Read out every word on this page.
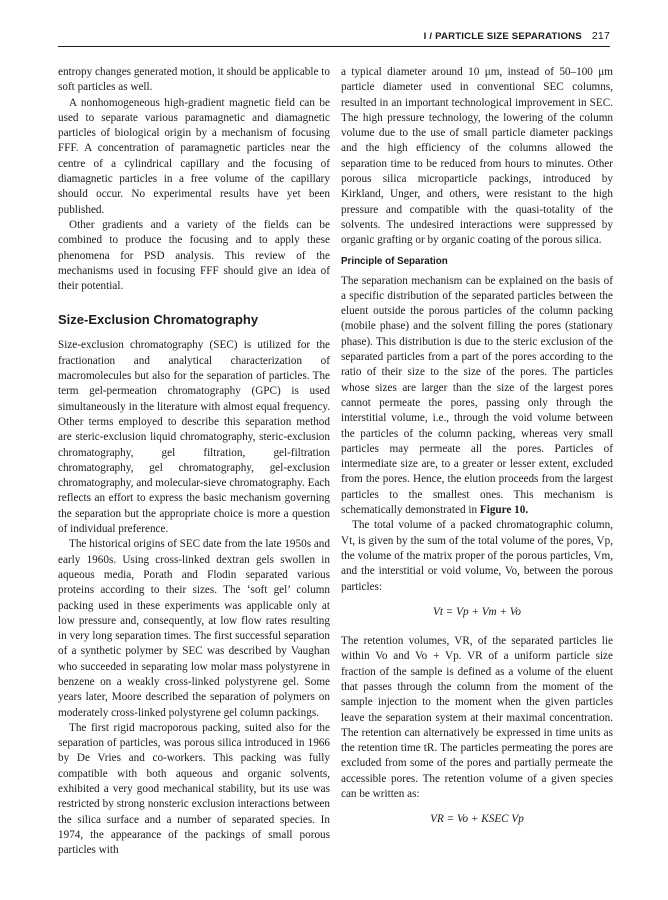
I / PARTICLE SIZE SEPARATIONS 217

entropy changes generated motion, it should be applicable to soft particles as well.

A nonhomogeneous high-gradient magnetic field can be used to separate various paramagnetic and diamagnetic particles of biological origin by a mechanism of focusing FFF. A concentration of paramagnetic particles near the centre of a cylindrical capillary and the focusing of diamagnetic particles in a free volume of the capillary should occur. No experimental results have yet been published.

Other gradients and a variety of the fields can be combined to produce the focusing and to apply these phenomena for PSD analysis. This review of the mechanisms used in focusing FFF should give an idea of their potential.

Size-Exclusion Chromatography

Size-exclusion chromatography (SEC) is utilized for the fractionation and analytical characterization of macromolecules but also for the separation of particles. The term gel-permeation chromatography (GPC) is used simultaneously in the literature with almost equal frequency. Other terms employed to describe this separation method are steric-exclusion liquid chromatography, steric-exclusion chromatography, gel filtration, gel-filtration chromatography, gel chromatography, gel-exclusion chromatography, and molecular-sieve chromatography. Each reflects an effort to express the basic mechanism governing the separation but the appropriate choice is more a question of individual preference.

The historical origins of SEC date from the late 1950s and early 1960s. Using cross-linked dextran gels swollen in aqueous media, Porath and Flodin separated various proteins according to their sizes. The ‘soft gel’ column packing used in these experiments was applicable only at low pressure and, consequently, at low flow rates resulting in very long separation times. The first successful separation of a synthetic polymer by SEC was described by Vaughan who succeeded in separating low molar mass polystyrene in benzene on a weakly cross-linked polystyrene gel. Some years later, Moore described the separation of polymers on moderately cross-linked polystyrene gel column packings.

The first rigid macroporous packing, suited also for the separation of particles, was porous silica introduced in 1966 by De Vries and co-workers. This packing was fully compatible with both aqueous and organic solvents, exhibited a very good mechanical stability, but its use was restricted by strong nonsteric exclusion interactions between the silica surface and a number of separated species. In 1974, the appearance of the packings of small porous particles with

a typical diameter around 10 μm, instead of 50–100 μm particle diameter used in conventional SEC columns, resulted in an important technological improvement in SEC. The high pressure technology, the lowering of the column volume due to the use of small particle diameter packings and the high efficiency of the columns allowed the separation time to be reduced from hours to minutes. Other porous silica microparticle packings, introduced by Kirkland, Unger, and others, were resistant to the high pressure and compatible with the quasi-totality of the solvents. The undesired interactions were suppressed by organic grafting or by organic coating of the porous silica.

Principle of Separation

The separation mechanism can be explained on the basis of a specific distribution of the separated particles between the eluent outside the porous particles of the column packing (mobile phase) and the solvent filling the pores (stationary phase). This distribution is due to the steric exclusion of the separated particles from a part of the pores according to the ratio of their size to the size of the pores. The particles whose sizes are larger than the size of the largest pores cannot permeate the pores, passing only through the interstitial volume, i.e., through the void volume between the particles of the column packing, whereas very small particles may permeate all the pores. Particles of intermediate size are, to a greater or lesser extent, excluded from the pores. Hence, the elution proceeds from the largest particles to the smallest ones. This mechanism is schematically demonstrated in Figure 10.

The total volume of a packed chromatographic column, Vt, is given by the sum of the total volume of the pores, Vp, the volume of the matrix proper of the porous particles, Vm, and the interstitial or void volume, Vo, between the porous particles:

Vt = Vp + Vm + Vo

The retention volumes, VR, of the separated particles lie within Vo and Vo + Vp. VR of a uniform particle size fraction of the sample is defined as a volume of the eluent that passes through the column from the moment of the sample injection to the moment when the given particles leave the separation system at their maximal concentration. The retention can alternatively be expressed in time units as the retention time tR. The particles permeating the pores are excluded from some of the pores and partially permeate the accessible pores. The retention volume of a given species can be written as:

VR = Vo + KSEC Vp
